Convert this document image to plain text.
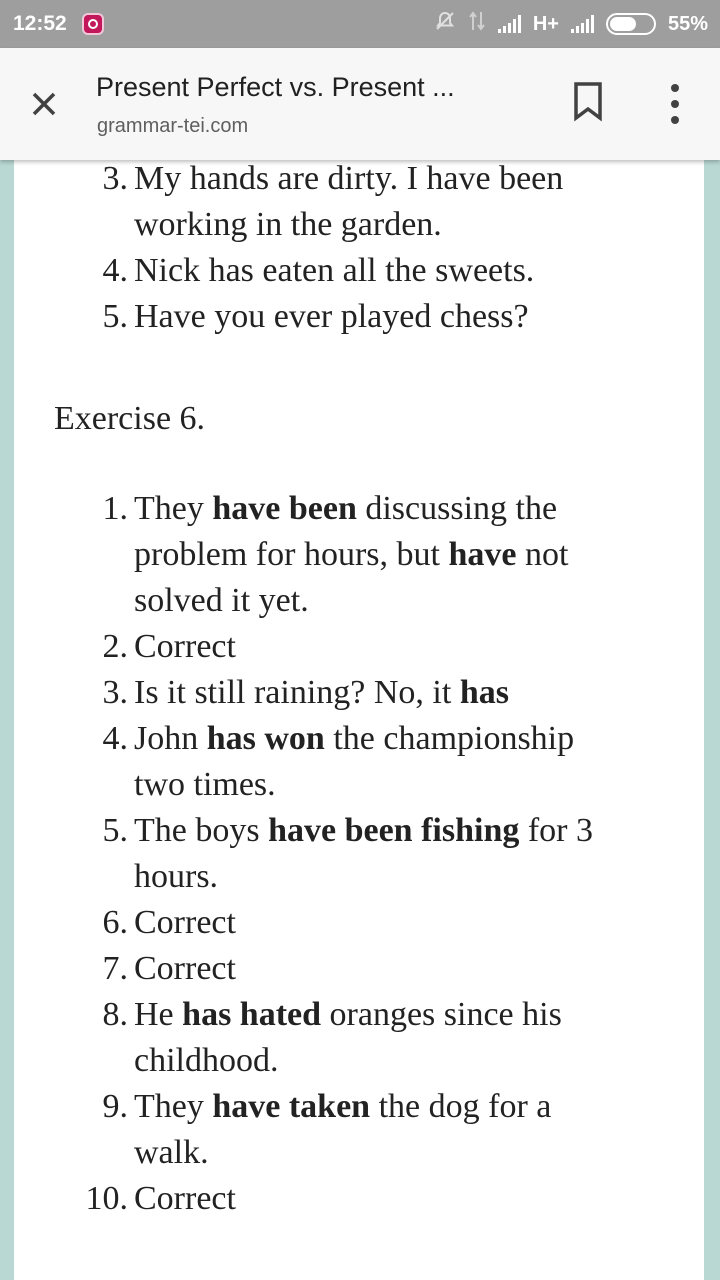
12:52	H+	55%
Present Perfect vs. Present ...
grammar-tei.com
3. My hands are dirty. I have been
working in the garden.
4. Nick has eaten all the sweets.
5. Have you ever played chess?
Exercise 6.
1. They have been discussing the
problem for hours, but have not
solved it yet.
2. Correct
3. Is it still raining? No, it has
4. John has won the championship
two times.
5. The boys have been fishing for 3
hours.
6. Correct
7. Correct
8. He has hated oranges since his
childhood.
9. They have taken the dog for a
walk.
10. Correct
